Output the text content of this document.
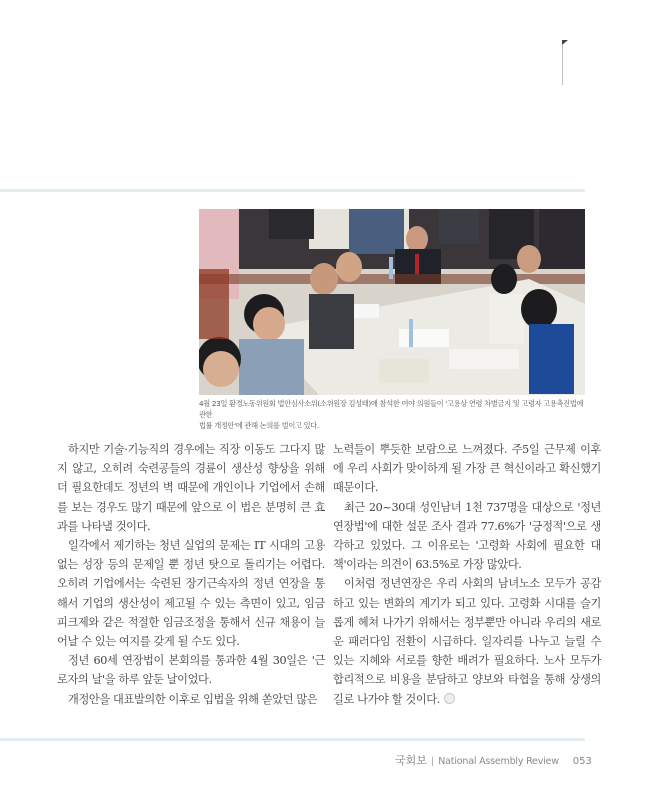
4월 23일 환경노동위원회 법안심사소위(소위원장 김성태)에 참석한 여야 의원들이 '고용상 연령 차별금지 및 고령자 고용촉진법에 관한
법률 개정안'에 관해 논의를 벌이고 있다.

하지만 기술·기능직의 경우에는 직장 이동도 그다지 많지 않고, 오히려 숙련공들의 경륜이 생산성 향상을 위해 더 필요한데도 정년의 벽 때문에 개인이나 기업에서 손해를 보는 경우도 많기 때문에 앞으로 이 법은 분명히 큰 효과를 나타낼 것이다.

일각에서 제기하는 청년 실업의 문제는 IT 시대의 고용 없는 성장 등의 문제일 뿐 정년 탓으로 돌리기는 어렵다. 오히려 기업에서는 숙련된 장기근속자의 정년 연장을 통해서 기업의 생산성이 제고될 수 있는 측면이 있고, 임금피크제와 같은 적절한 임금조정을 통해서 신규 채용이 늘어날 수 있는 여지를 갖게 될 수도 있다.

정년 60세 연장법이 본회의를 통과한 4월 30일은 '근로자의 날'을 하루 앞둔 날이었다.

개정안을 대표발의한 이후로 입법을 위해 쏟았던 많은

노력들이 뿌듯한 보람으로 느껴졌다. 주5일 근무제 이후에 우리 사회가 맞이하게 될 가장 큰 혁신이라고 확신했기 때문이다.

최근 20~30대 성인남녀 1천 737명을 대상으로 '정년연장법'에 대한 설문 조사 결과 77.6%가 '긍정적'으로 생각하고 있었다. 그 이유로는 '고령화 사회에 필요한 대책'이라는 의견이 63.5%로 가장 많았다.

이처럼 정년연장은 우리 사회의 남녀노소 모두가 공감하고 있는 변화의 계기가 되고 있다. 고령화 시대를 슬기롭게 헤쳐 나가기 위해서는 정부뿐만 아니라 우리의 새로운 패러다임 전환이 시급하다. 일자리를 나누고 늘릴 수 있는 지혜와 서로를 향한 배려가 필요하다. 노사 모두가 합리적으로 비용을 분담하고 양보와 타협을 통해 상생의 길로 나가야 할 것이다.

국회보 | National Assembly Review 053
